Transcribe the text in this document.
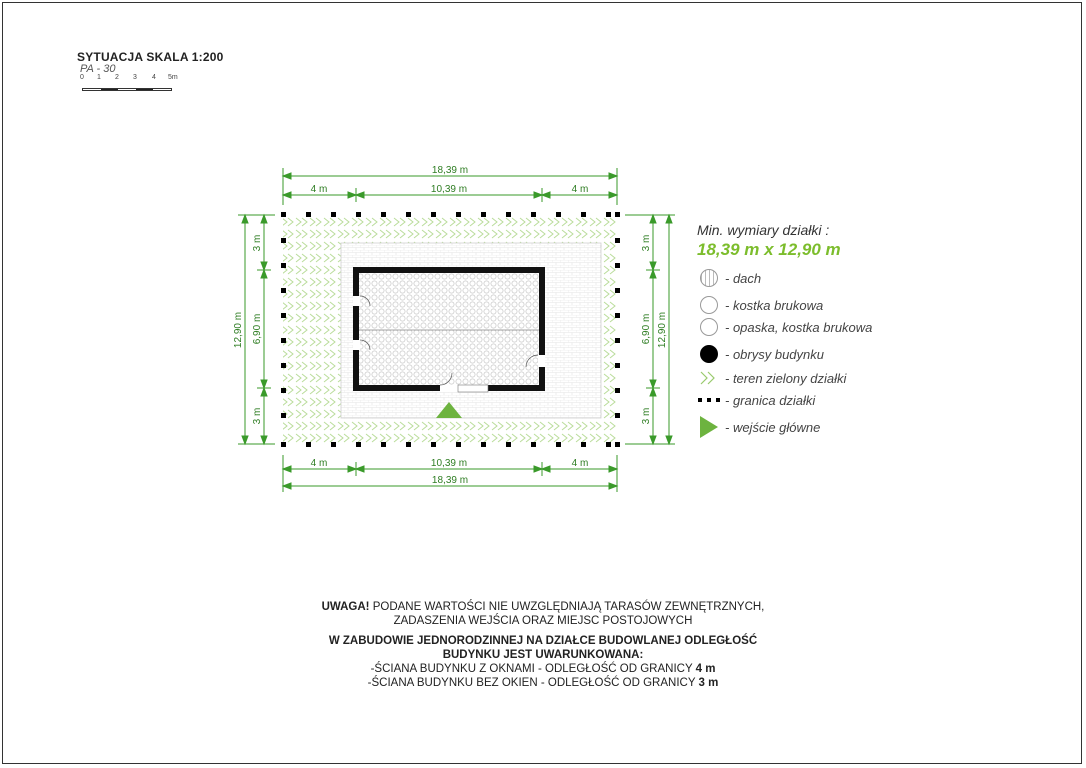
SYTUACJA SKALA 1:200
PA - 30
0 1 2 3 4 5m
18,39 m
4 m	10,39 m	4 m
4 m	10,39 m	4 m
18,39 m
12,90 m
3 m
6,90 m
3 m
3 m
6,90 m
3 m
12,90 m
Min. wymiary działki :
18,39 m x 12,90 m
- dach
- kostka brukowa
- opaska, kostka brukowa
- obrysy budynku
- teren zielony działki
- granica działki
- wejście główne
UWAGA! PODANE WARTOŚCI NIE UWZGLĘDNIAJĄ TARASÓW ZEWNĘTRZNYCH,
ZADASZENIA WEJŚCIA ORAZ MIEJSC POSTOJOWYCH
W ZABUDOWIE JEDNORODZINNEJ NA DZIAŁCE BUDOWLANEJ ODLEGŁOŚĆ
BUDYNKU JEST UWARUNKOWANA:
-ŚCIANA BUDYNKU Z OKNAMI - ODLEGŁOŚĆ OD GRANICY 4 m
-ŚCIANA BUDYNKU BEZ OKIEN - ODLEGŁOŚĆ OD GRANICY 3 m
